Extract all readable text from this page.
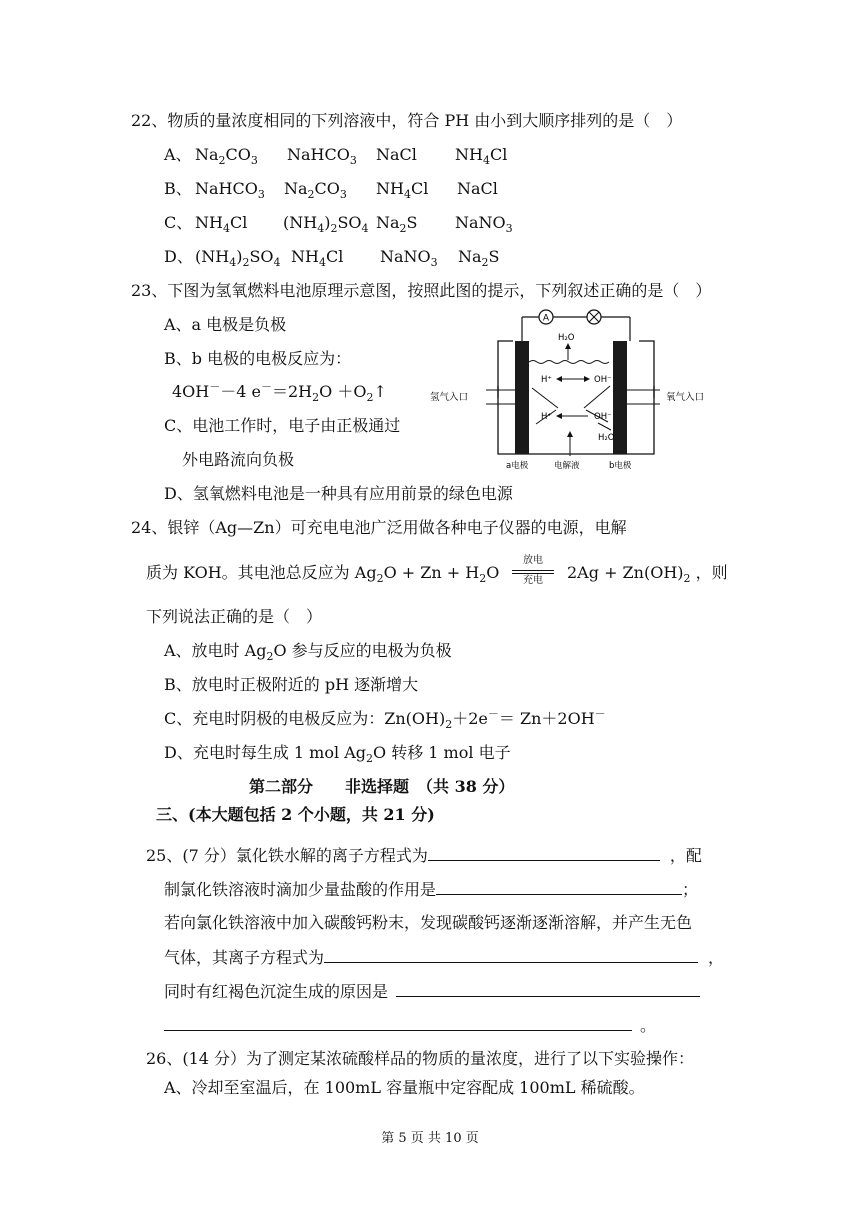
22、物质的量浓度相同的下列溶液中，符合 PH 由小到大顺序排列的是（　）
A、 $Na_2CO_3$ NaHCO$_3$ NaCl $NH_4Cl$
B、 NaHCO$_3$ $Na_2CO_3$ $NH_4Cl$ NaCl
C、 $NH_4Cl$ $(NH_4)_2SO_4$ $Na_2S$ NaNO$_3$
D、 $(NH_4)_2SO_4$ $NH_4Cl$ NaNO$_3$ $Na_2S$
23、下图为氢氧燃料电池原理示意图，按照此图的提示，下列叙述正确的是（　）
A、a 电极是负极
B、b 电极的电极反应为：
4OH－－4 $e^-=2H_2O$ $+O_2↑$
C、电池工作时，电子由正极通过
外电路流向负极
D、氢氧燃料电池是一种具有应用前景的绿色电源
A
氢气入口	氧气入口
H₂O
H⁺	OH⁻
H⁺	OH⁻
H₂O
a电极	电解液	b电极
24、银锌（Ag—Zn）可充电电池广泛用做各种电子仪器的电源，电解
质为 KOH。其电池总反应为 $Ag_2O + Zn + H_2O$
放电
充电	$2Ag + Zn(OH)_2$ ，则
下列说法正确的是（　）
A、放电时 $Ag_2O$ 参与反应的电极为负极
B、放电时正极附近的 pH 逐渐增大
C、充电时阴极的电极反应为：$Zn(OH)_2+2e^-= Zn+2OH^-$
D、充电时每生成 1 mol $Ag_2O$ 转移 1 mol 电子
第二部分　　非选择题　（共 38 分）
三、(本大题包括 2 个小题，共 21 分)
25、(7 分）氯化铁水解的离子方程式为	，配
制氯化铁溶液时滴加少量盐酸的作用是	；
若向氯化铁溶液中加入碳酸钙粉末，发现碳酸钙逐渐逐渐溶解，并产生无色
气体，其离子方程式为	，
同时有红褐色沉淀生成的原因是
。
26、(14 分）为了测定某浓硫酸样品的物质的量浓度，进行了以下实验操作：
A、冷却至室温后，在 100mL 容量瓶中定容配成 100mL 稀硫酸。
第 5 页 共 10 页
